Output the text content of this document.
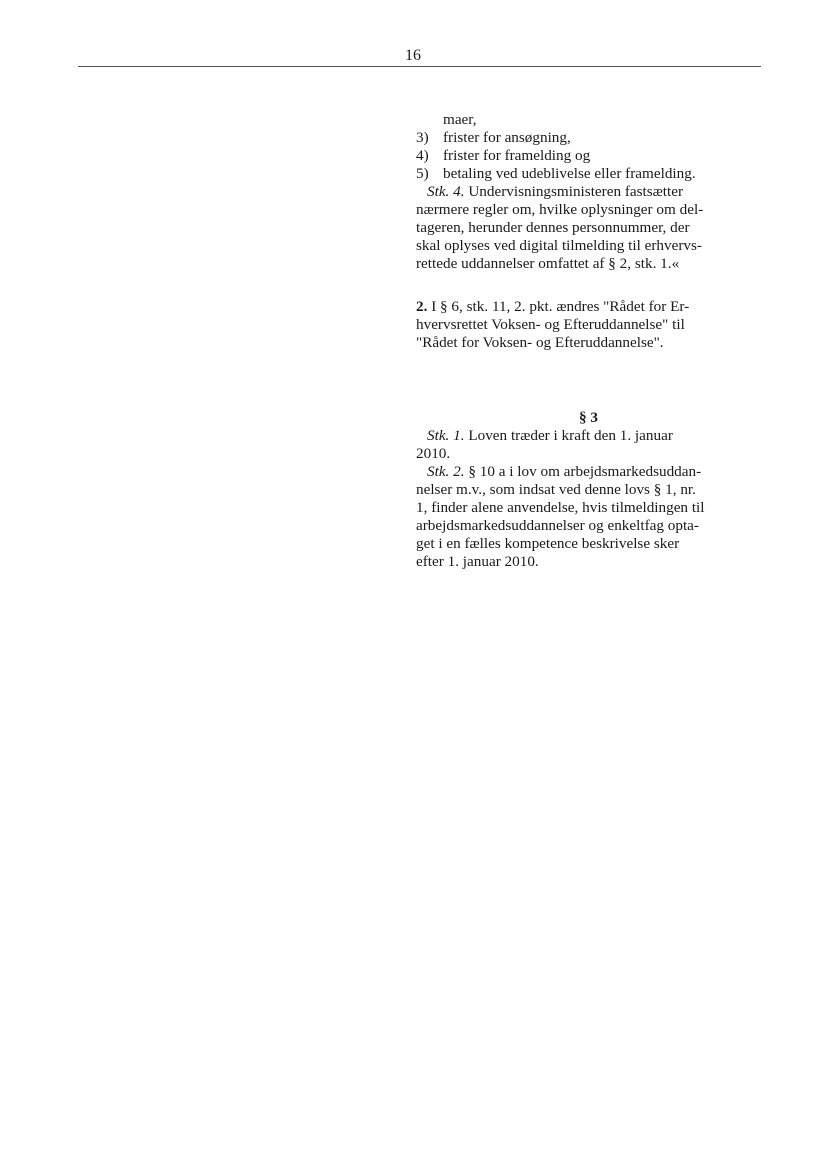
16

maer,

3) frister for ansøgning,
4) frister for framelding og
5) betaling ved udeblivelse eller framelding.

Stk. 4. Undervisningsministeren fastsætter

nærmere regler om, hvilke oplysninger om del-

tageren, herunder dennes personnummer, der

skal oplyses ved digital tilmelding til erhvervs-

rettede uddannelser omfattet af § 2, stk. 1.«

2. I § 6, stk. 11, 2. pkt. ændres "Rådet for Er-

hvervsrettet Voksen- og Efteruddannelse" til

"Rådet for Voksen- og Efteruddannelse".

§ 3

Stk. 1. Loven træder i kraft den 1. januar

2010.

Stk. 2. § 10 a i lov om arbejdsmarkedsuddan-

nelser m.v., som indsat ved denne lovs § 1, nr.

1, finder alene anvendelse, hvis tilmeldingen til

arbejdsmarkedsuddannelser og enkeltfag opta-

get i en fælles kompetence beskrivelse sker

efter 1. januar 2010.
